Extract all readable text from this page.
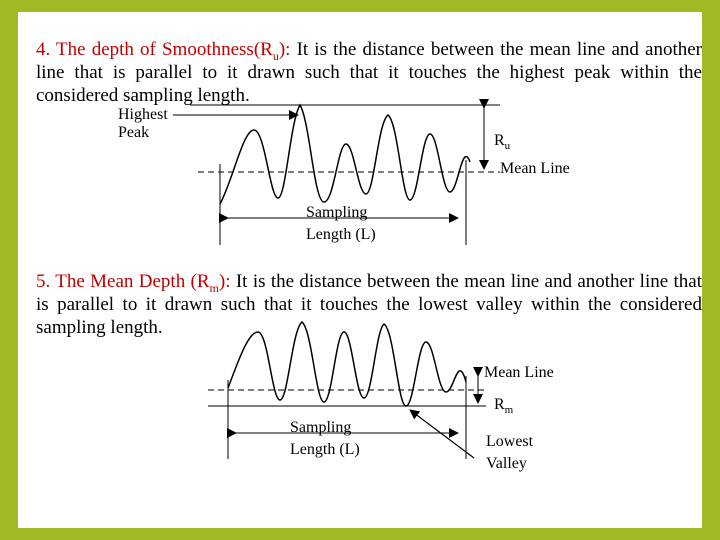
4. The depth of $Smoothness(R_u)$: It is the distance between the mean line and another line that is parallel to it drawn such that it touches the highest peak within the considered sampling length.
Highest
Peak	$R_u$
Mean Line
Sampling
Length (L)
5. The Mean Depth $(R_m)$: It is the distance between the mean line and another line that is parallel to it drawn such that it touches the lowest valley within the considered sampling length.
Mean Line
$R_m$
Sampling
Length (L)	Lowest
Valley
